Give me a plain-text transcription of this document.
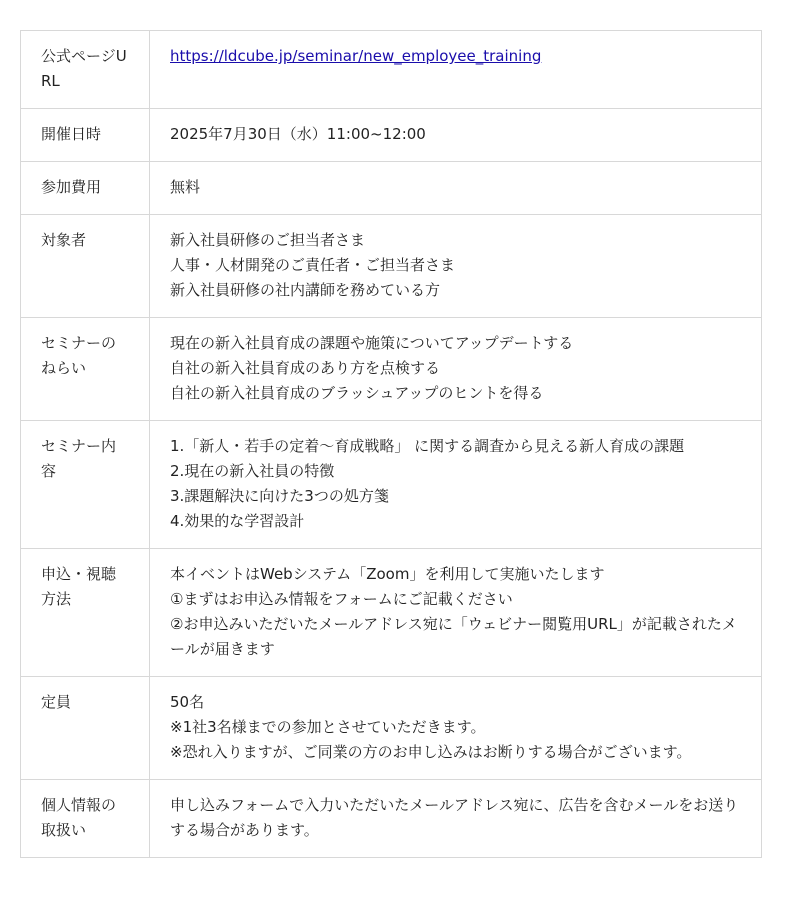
公式ページURL	https://ldcube.jp/seminar/new_employee_training

開催日時	2025年7月30日（水）11:00~12:00

参加費用	無料

対象者	新入社員研修のご担当者さま
人事・人材開発のご責任者・ご担当者さま
新入社員研修の社内講師を務めている方

セミナーのねらい	現在の新入社員育成の課題や施策についてアップデートする
自社の新入社員育成のあり方を点検する
自社の新入社員育成のブラッシュアップのヒントを得る

セミナー内容	1.「新人・若手の定着～育成戦略」 に関する調査から見える新人育成の課題
2.現在の新入社員の特徴
3.課題解決に向けた3つの処方箋
4.効果的な学習設計

申込・視聴方法	本イベントはWebシステム「Zoom」を利用して実施いたします
①まずはお申込み情報をフォームにご記載ください
②お申込みいただいたメールアドレス宛に「ウェビナー閲覧用URL」が記載されたメールが届きます

定員	50名
※1社3名様までの参加とさせていただきます。
※恐れ入りますが、ご同業の方のお申し込みはお断りする場合がございます。

個人情報の取扱い	申し込みフォームで入力いただいたメールアドレス宛に、広告を含むメールをお送りする場合があります。
